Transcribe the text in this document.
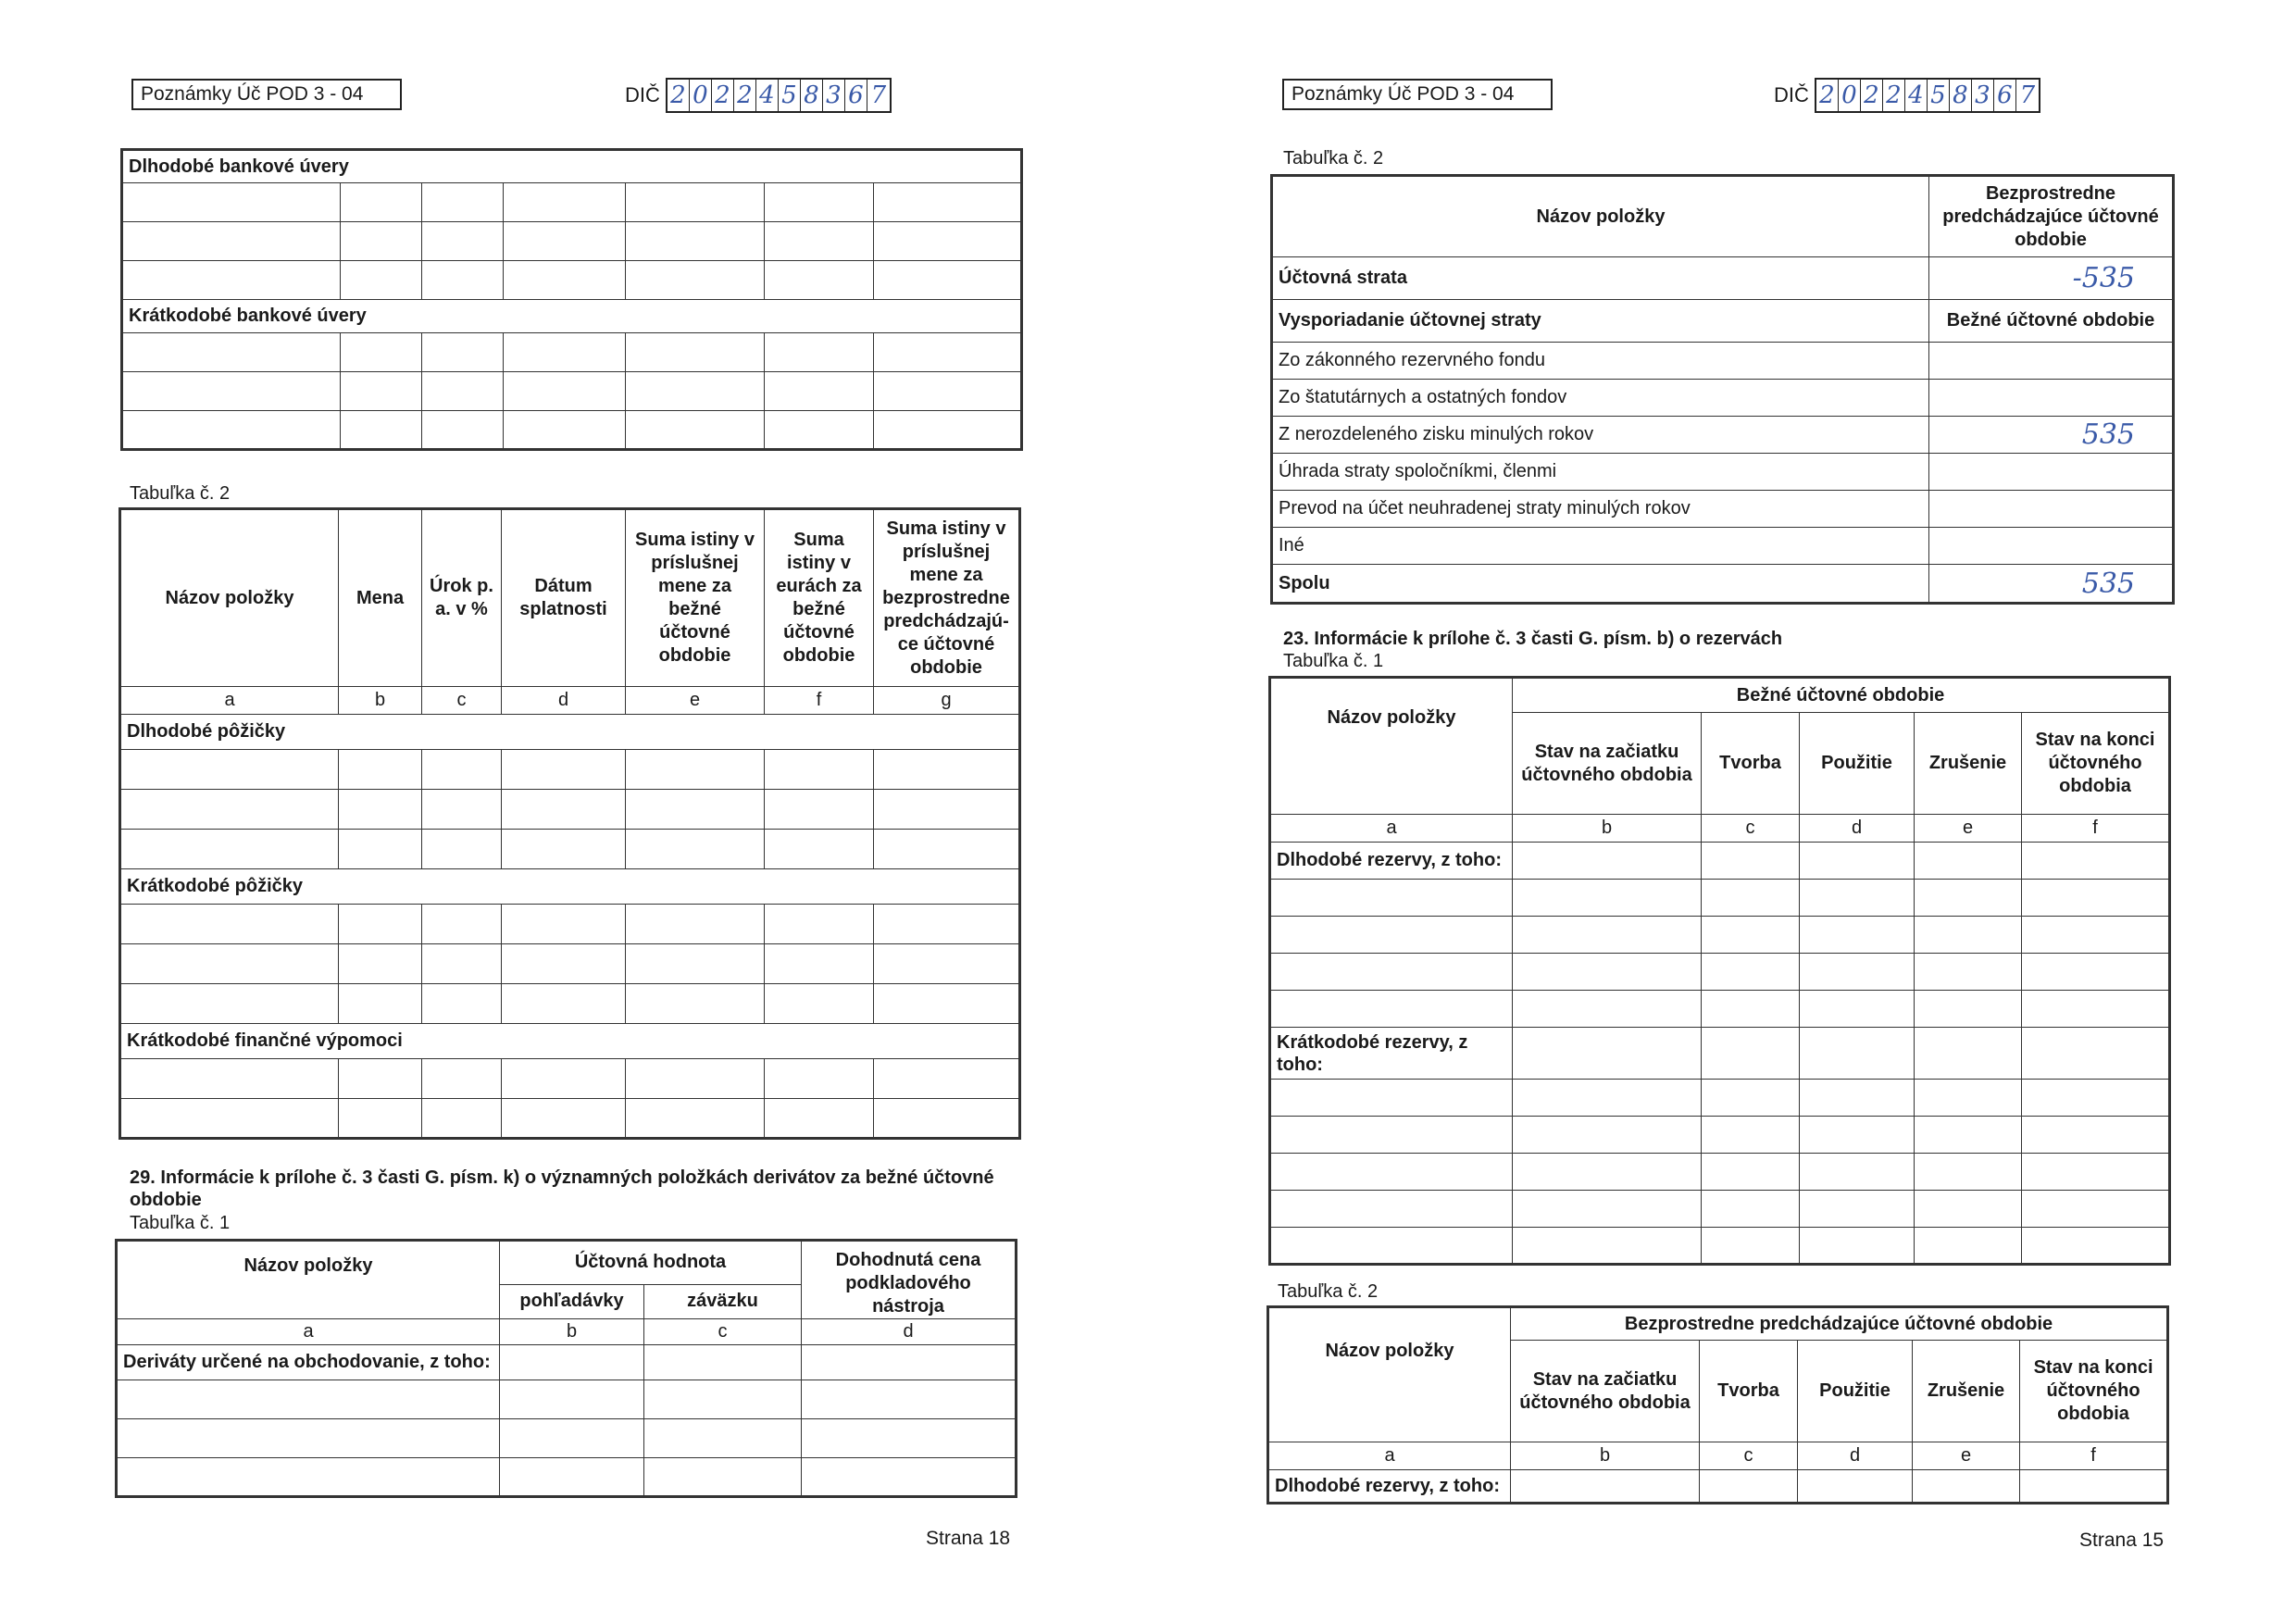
Poznámky Úč POD 3 - 04	DIČ 2 0 2 2 4 5 8 3 6 7
Dlhodobé bankové úvery						

Krátkodobé bankové úvery						

Tabuľka č. 2
Názov položky	Mena	Úrok p. a. v %	Dátum splatnosti	Suma istiny v príslušnej mene za bežné účtovné obdobie	Suma istiny v eurách za bežné účtovné obdobie	Suma istiny v príslušnej mene za bezprostredne predchádzajú-ce účtovné obdobie
a	b	c	d	e	f	g
Dlhodobé pôžičky						

Krátkodobé pôžičky						

Krátkodobé finančné výpomoci						

29. Informácie k prílohe č. 3 časti G. písm. k) o významných položkách derivátov za bežné účtovné obdobie
Tabuľka č. 1
Názov položky	Účtovná hodnota		Dohodnutá cena podkladového nástroja
	pohľadávky	záväzku	
a	b	c	d
Deriváty určené na obchodovanie, z toho:			

Strana 18
Poznámky Úč POD 3 - 04	DIČ 2 0 2 2 4 5 8 3 6 7
Tabuľka č. 2
Názov položky	Bezprostredne predchádzajúce účtovné obdobie
Účtovná strata	-535
Vysporiadanie účtovnej straty	Bežné účtovné obdobie
Zo zákonného rezervného fondu	
Zo štatutárnych a ostatných fondov	
Z nerozdeleného zisku minulých rokov	535
Úhrada straty spoločníkmi, členmi	
Prevod na účet neuhradenej straty minulých rokov	
Iné	
Spolu	535
23. Informácie k prílohe č. 3 časti G. písm. b) o rezervách
Tabuľka č. 1
Názov položky	Bežné účtovné obdobie				
	Stav na začiatku účtovného obdobia	Tvorba	Použitie	Zrušenie	Stav na konci účtovného obdobia
a	b	c	d	e	f
Dlhodobé rezervy, z toho:					

Krátkodobé rezervy, z toho:					

Tabuľka č. 2
Názov položky	Bezprostredne predchádzajúce účtovné obdobie				
	Stav na začiatku účtovného obdobia	Tvorba	Použitie	Zrušenie	Stav na konci účtovného obdobia
a	b	c	d	e	f
Dlhodobé rezervy, z toho:					
Strana 15
